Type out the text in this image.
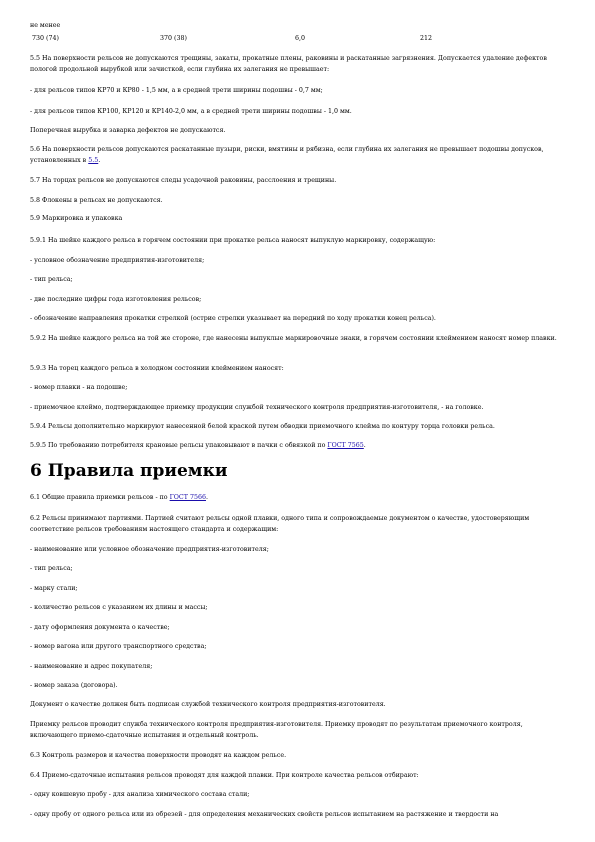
не менее
730 (74)	370 (38)	6,0	212
5.5 На поверхности рельсов не допускаются трещины, закаты, прокатные плены, раковины и раскатанные загрязнения. Допускается удаление дефектов пологой продольной вырубкой или зачисткой, если глубина их залегания не превышает:
- для рельсов типов КР70 и КР80 - 1,5 мм, а в средней трети ширины подошвы - 0,7 мм;
- для рельсов типов КР100, КР120 и КР140-2,0 мм, а в средней трети ширины подошвы - 1,0 мм.
Поперечная вырубка и заварка дефектов не допускаются.
5.6 На поверхности рельсов допускаются раскатанные пузыри, риски, вмятины и рябизна, если глубина их залегания не превышает подошвы допусков, установленных в 5.5.
5.7 На торцах рельсов не допускаются следы усадочной раковины, расслоения и трещины.
5.8 Флокены в рельсах не допускаются.
5.9 Маркировка и упаковка
5.9.1 На шейке каждого рельса в горячем состоянии при прокатке рельса наносят выпуклую маркировку, содержащую:
- условное обозначение предприятия-изготовителя;
- тип рельса;
- две последние цифры года изготовления рельсов;
- обозначение направления прокатки стрелкой (острие стрелки указывает на передний по ходу прокатки конец рельса).
5.9.2 На шейке каждого рельса на той же стороне, где нанесены выпуклые маркировочные знаки, в горячем состоянии клеймением наносят номер плавки.
5.9.3 На торец каждого рельса в холодном состоянии клеймением наносят:
- номер плавки - на подошве;
- приемочное клеймо, подтверждающее приемку продукции службой технического контроля предприятия-изготовителя, - на головке.
5.9.4 Рельсы дополнительно маркируют нанесенной белой краской путем обводки приемочного клейма по контуру торца головки рельса.
5.9.5 По требованию потребителя крановые рельсы упаковывают в пачки с обвязкой по ГОСТ 7565.
6 Правила приемки
6.1 Общие правила приемки рельсов - по ГОСТ 7566.
6.2 Рельсы принимают партиями. Партией считают рельсы одной плавки, одного типа и сопровождаемые документом о качестве, удостоверяющим соответствие рельсов требованиям настоящего стандарта и содержащим:
- наименование или условное обозначение предприятия-изготовителя;
- тип рельса;
- марку стали;
- количество рельсов с указанием их длины и массы;
- дату оформления документа о качестве;
- номер вагона или другого транспортного средства;
- наименование и адрес покупателя;
- номер заказа (договора).
Документ о качестве должен быть подписан службой технического контроля предприятия-изготовителя.
Приемку рельсов проводит служба технического контроля предприятия-изготовителя. Приемку проводят по результатам приемочного контроля, включающего приемо-сдаточные испытания и отдельный контроль.
6.3 Контроль размеров и качества поверхности проводят на каждом рельсе.
6.4 Приемо-сдаточные испытания рельсов проводят для каждой плавки. При контроле качества рельсов отбирают:
- одну ковшевую пробу - для анализа химического состава стали;
- одну пробу от одного рельса или из обрезей - для определения механических свойств рельсов испытанием на растяжение и твердости на
